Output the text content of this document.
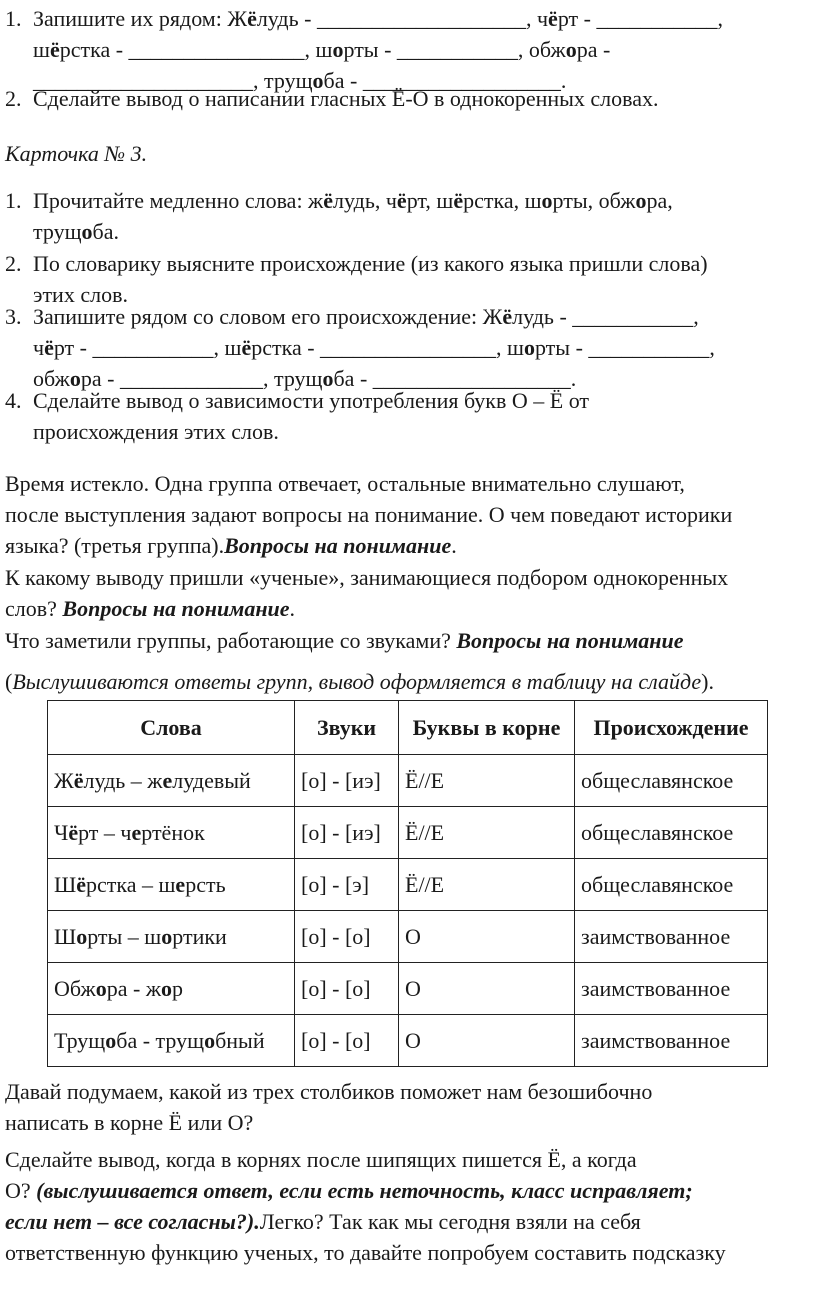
1. Запишите их рядом: Жёлудь - ___________________, чёрт - ___________,
шёрстка - ________________, шорты - ___________, обжора -
____________________, трущоба - __________________.
2. Сделайте вывод о написании гласных Ё-О в однокоренных словах.
Карточка № 3.
1. Прочитайте медленно слова: жёлудь, чёрт, шёрстка, шорты, обжора,
трущоба.
2. По словарику выясните происхождение (из какого языка пришли слова)
этих слов.
3. Запишите рядом со словом его происхождение: Жёлудь - ___________,
чёрт - ___________, шёрстка - ________________, шорты - ___________,
обжора - _____________, трущоба - __________________.
4. Сделайте вывод о зависимости употребления букв О – Ё от
происхождения этих слов.
Время истекло. Одна группа отвечает, остальные внимательно слушают,
после выступления задают вопросы на понимание. О чем поведают историки
языка? (третья группа).Вопросы на понимание.
К какому выводу пришли «ученые», занимающиеся подбором однокоренных
слов? Вопросы на понимание.
Что заметили группы, работающие со звуками? Вопросы на понимание
(Выслушиваются ответы групп, вывод оформляется в таблицу на слайде).
Слова	Звуки	Буквы в корне	Происхождение
Жёлудь – желудевый	[о] - [иэ]	Ё//Е	общеславянское
Чёрт – чертёнок	[о] - [иэ]	Ё//Е	общеславянское
Шёрстка – шерсть	[о] - [э]	Ё//Е	общеславянское
Шорты – шортики	[о] - [о]	О	заимствованное
Обжора - жор	[о] - [о]	О	заимствованное
Трущоба - трущобный	[о] - [о]	О	заимствованное
Давай подумаем, какой из трех столбиков поможет нам безошибочно
написать в корне Ё или О?
Сделайте вывод, когда в корнях после шипящих пишется Ё, а когда
О? (выслушивается ответ, если есть неточность, класс исправляет;
если нет – все согласны?).Легко? Так как мы сегодня взяли на себя
ответственную функцию ученых, то давайте попробуем составить подсказку
